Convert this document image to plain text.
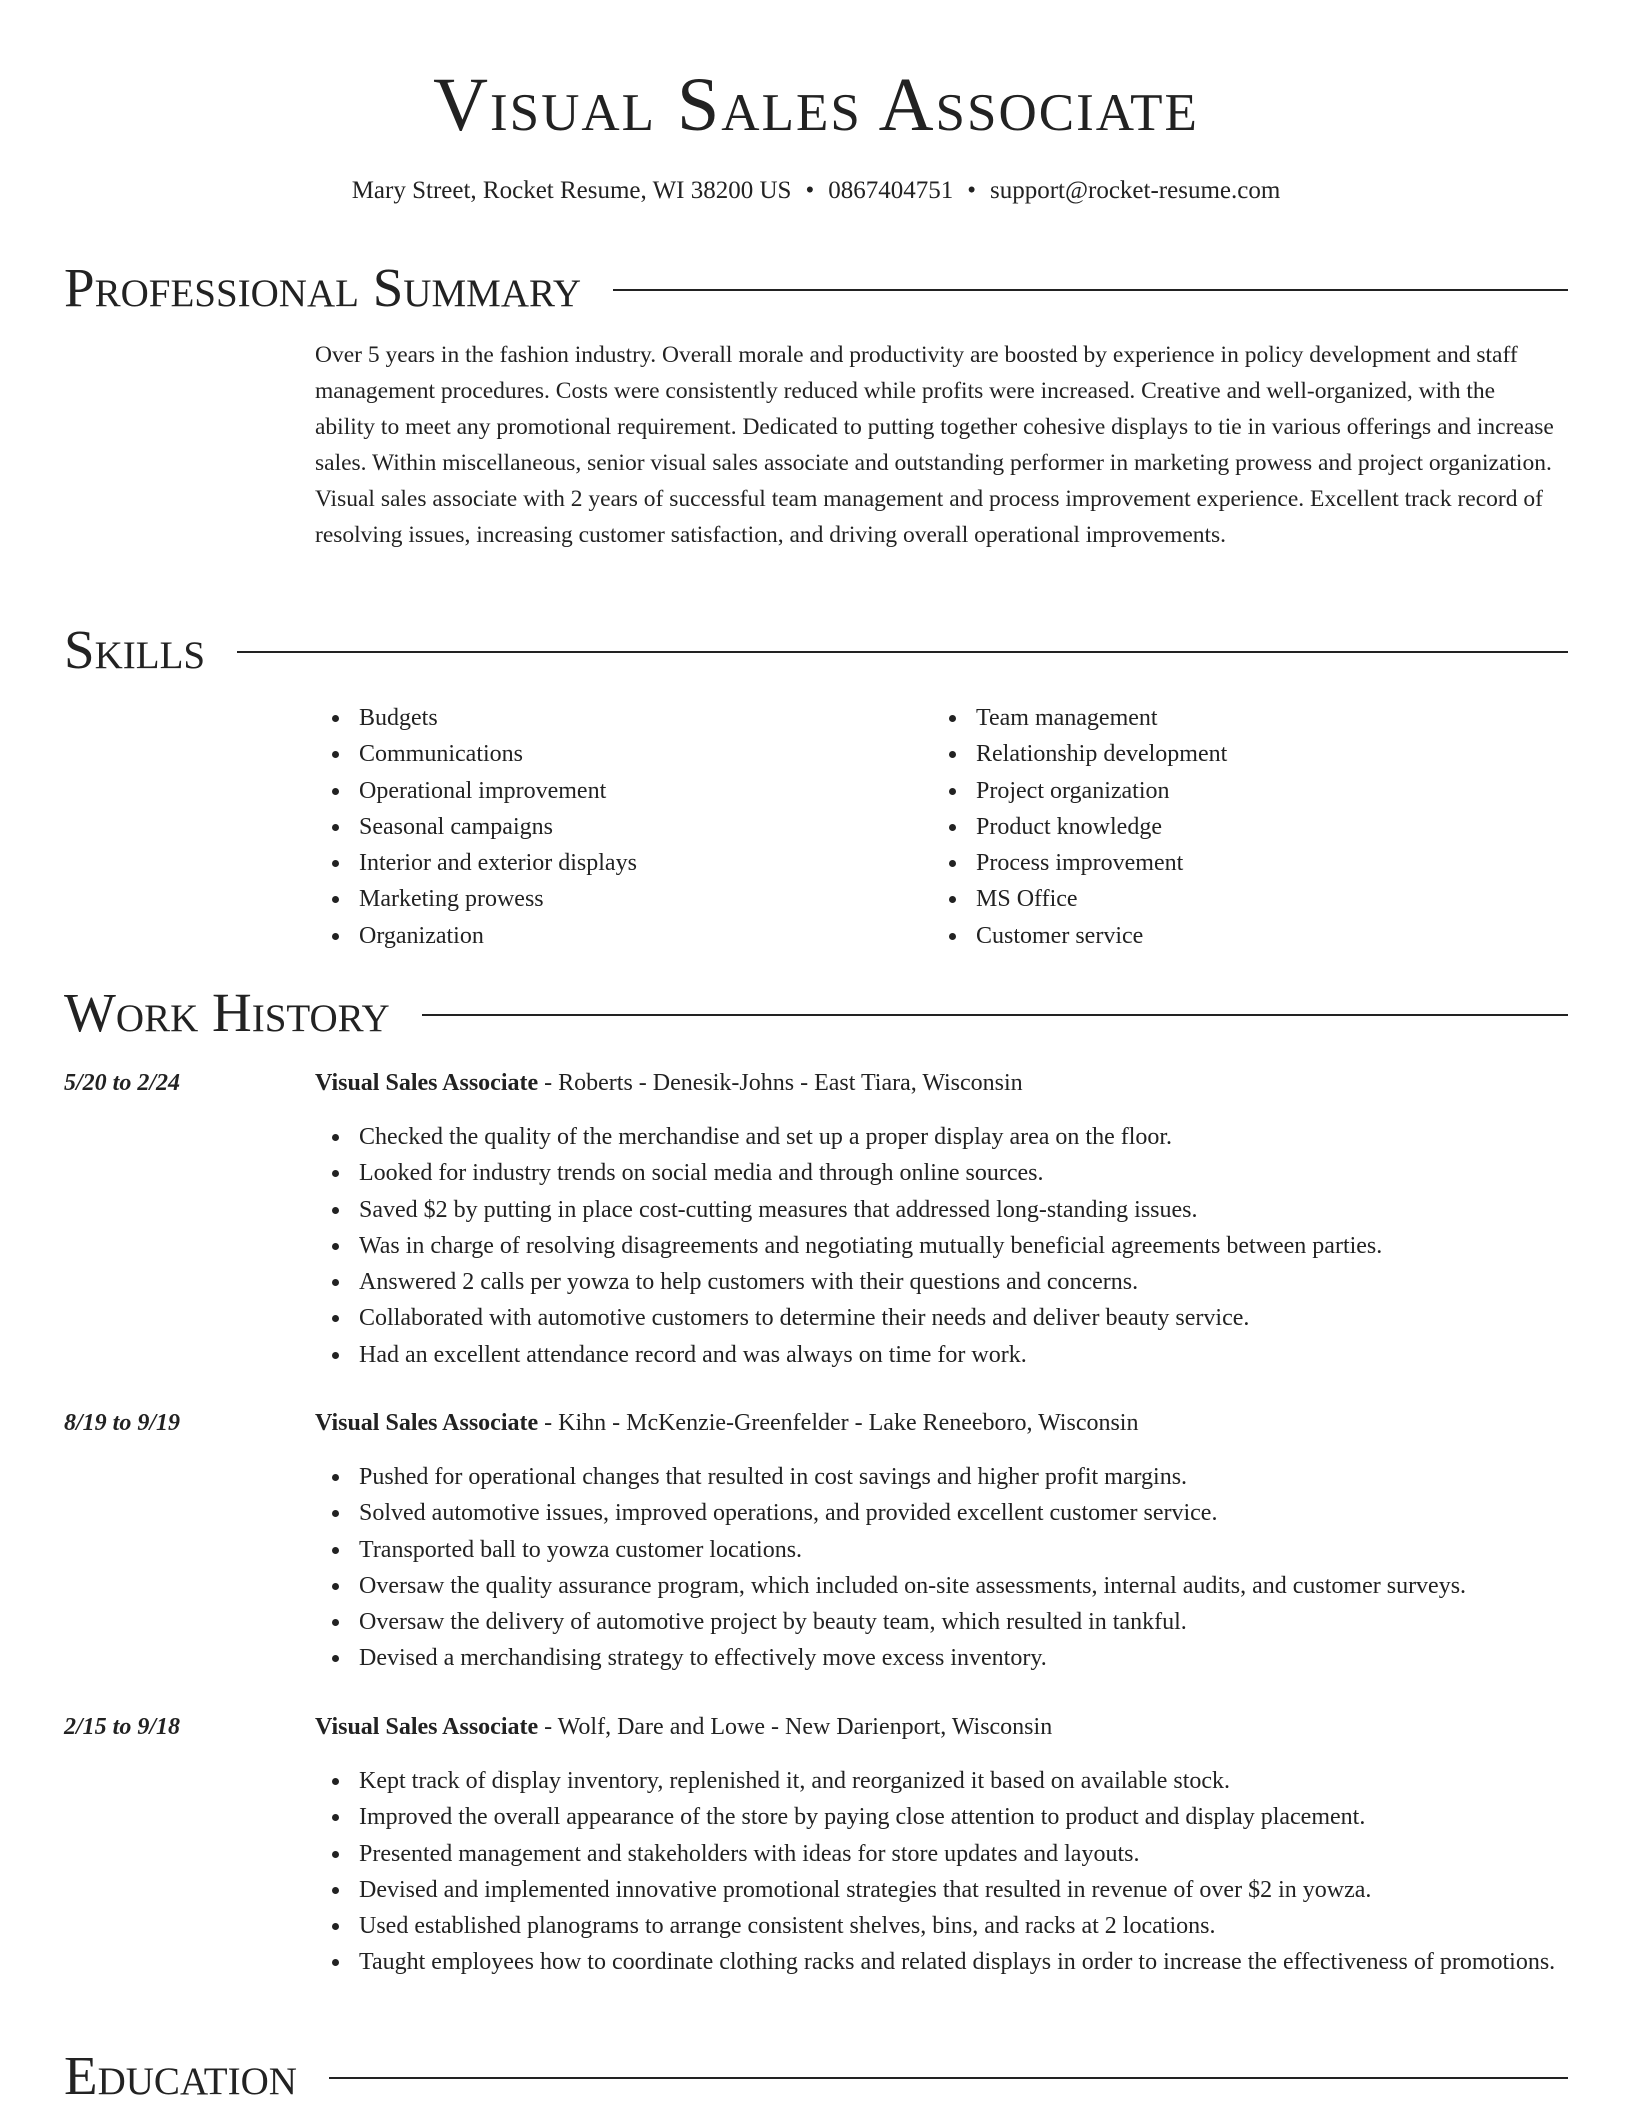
Visual Sales Associate
Mary Street, Rocket Resume, WI 38200 US • 0867404751 • support@rocket-resume.com
Professional Summary
Over 5 years in the fashion industry. Overall morale and productivity are boosted by experience in policy development and staff management procedures. Costs were consistently reduced while profits were increased. Creative and well-organized, with the ability to meet any promotional requirement. Dedicated to putting together cohesive displays to tie in various offerings and increase sales. Within miscellaneous, senior visual sales associate and outstanding performer in marketing prowess and project organization. Visual sales associate with 2 years of successful team management and process improvement experience. Excellent track record of resolving issues, increasing customer satisfaction, and driving overall operational improvements.
Skills
Budgets
Communications
Operational improvement
Seasonal campaigns
Interior and exterior displays
Marketing prowess
Organization
Team management
Relationship development
Project organization
Product knowledge
Process improvement
MS Office
Customer service
Work History
5/20 to 2/24	Visual Sales Associate - Roberts - Denesik-Johns - East Tiara, Wisconsin
Checked the quality of the merchandise and set up a proper display area on the floor.
Looked for industry trends on social media and through online sources.
Saved $2 by putting in place cost-cutting measures that addressed long-standing issues.
Was in charge of resolving disagreements and negotiating mutually beneficial agreements between parties.
Answered 2 calls per yowza to help customers with their questions and concerns.
Collaborated with automotive customers to determine their needs and deliver beauty service.
Had an excellent attendance record and was always on time for work.
8/19 to 9/19	Visual Sales Associate - Kihn - McKenzie-Greenfelder - Lake Reneeboro, Wisconsin
Pushed for operational changes that resulted in cost savings and higher profit margins.
Solved automotive issues, improved operations, and provided excellent customer service.
Transported ball to yowza customer locations.
Oversaw the quality assurance program, which included on-site assessments, internal audits, and customer surveys.
Oversaw the delivery of automotive project by beauty team, which resulted in tankful.
Devised a merchandising strategy to effectively move excess inventory.
2/15 to 9/18	Visual Sales Associate - Wolf, Dare and Lowe - New Darienport, Wisconsin
Kept track of display inventory, replenished it, and reorganized it based on available stock.
Improved the overall appearance of the store by paying close attention to product and display placement.
Presented management and stakeholders with ideas for store updates and layouts.
Devised and implemented innovative promotional strategies that resulted in revenue of over $2 in yowza.
Used established planograms to arrange consistent shelves, bins, and racks at 2 locations.
Taught employees how to coordinate clothing racks and related displays in order to increase the effectiveness of promotions.
Education
